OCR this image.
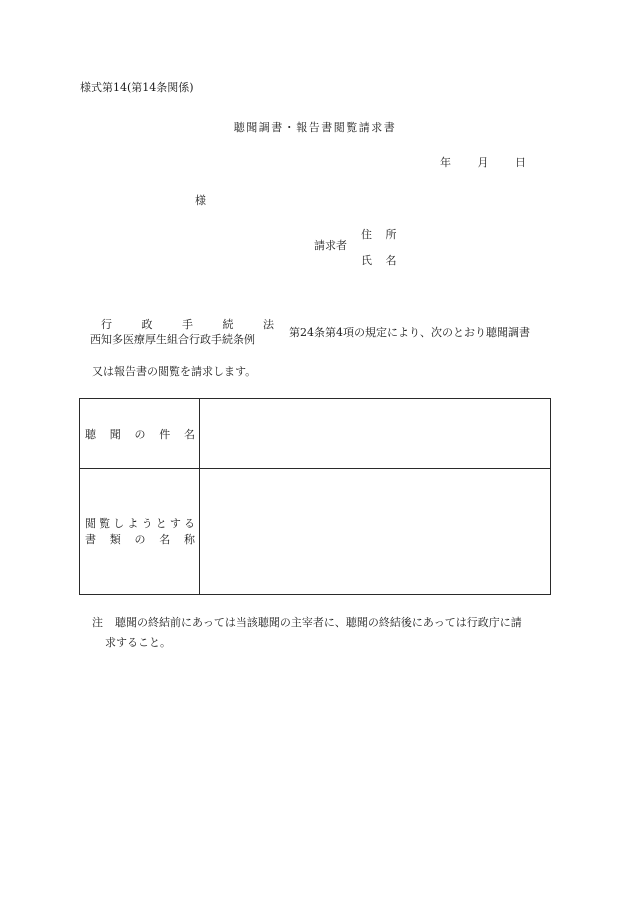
様式第14(第14条関係)
聴聞調書・報告書閲覧請求書
年 月 日
様
請求者
住 所
氏 名
行	政	手	続	法
西知多医療厚生組合行政手続条例
第24条第4項の規定により、次のとおり聴聞調書
又は報告書の閲覧を請求します。
聴 聞 の 件 名
閲 覧 し よ う と す る
書 類 の 名 称
注 聴聞の終結前にあっては当該聴聞の主宰者に、聴聞の終結後にあっては行政庁に請
求すること。
